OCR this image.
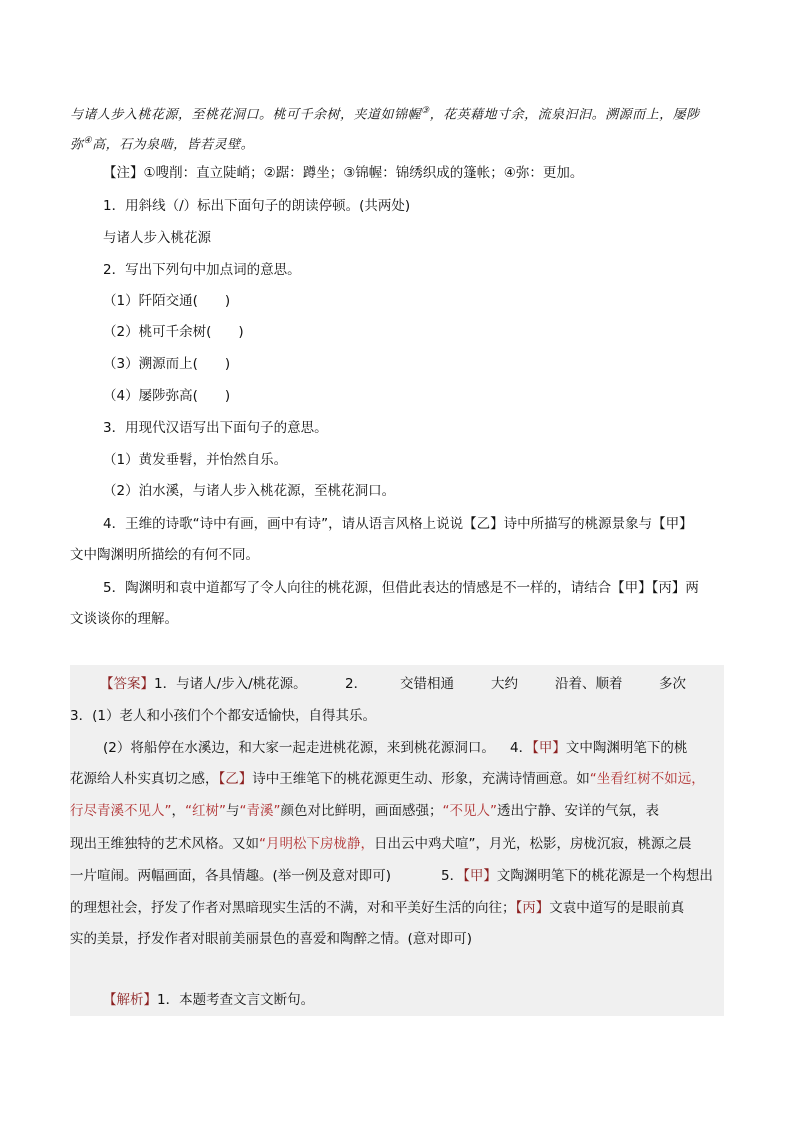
与诸人步入桃花源，至桃花洞口。桃可千余树，夹道如锦幄③，花英藉地寸余，流泉汩汩。溯源而上，屡陟
弥④高，石为泉啮，皆若灵壁。
【注】①嗖削：直立陡峭；②踞：蹲坐；③锦幄：锦绣织成的篷帐；④弥：更加。
1．用斜线（/）标出下面句子的朗读停顿。(共两处)
与诸人步入桃花源
2．写出下列句中加点词的意思。
（1）阡陌交通(　　)
（2）桃可千余树(　　)
（3）溯源而上(　　)
（4）屡陟弥高(　　)
3．用现代汉语写出下面句子的意思。
（1）黄发垂髫，并怡然自乐。
（2）泊水溪，与诸人步入桃花源，至桃花洞口。
4．王维的诗歌“诗中有画，画中有诗”，请从语言风格上说说【乙】诗中所描写的桃源景象与【甲】
文中陶渊明所描绘的有何不同。
5．陶渊明和袁中道都写了令人向往的桃花源，但借此表达的情感是不一样的，请结合【甲】【丙】两
文谈谈你的理解。
【答案】1．与诸人/步入/桃花源。	2． 交错相通	大约	沿着、顺着	多次
3．(1）老人和小孩们个个都安适愉快，自得其乐。
(2）将船停在水溪边，和大家一起走进桃花源，来到桃花源洞口。 4．【甲】文中陶渊明笔下的桃
花源给人朴实真切之感，【乙】诗中王维笔下的桃花源更生动、形象，充满诗情画意。如“坐看红树不如远，
行尽青溪不见人”，“红树”与“青溪”颜色对比鲜明，画面感强；“不见人”透出宁静、安详的气氛，表
现出王维独特的艺术风格。又如“月明松下房栊静，日出云中鸡犬喧”，月光，松影，房栊沉寂，桃源之晨
一片喧闹。两幅画面，各具情趣。(举一例及意对即可)	5．【甲】文陶渊明笔下的桃花源是一个构想出
的理想社会，抒发了作者对黑暗现实生活的不满，对和平美好生活的向往；【丙】文袁中道写的是眼前真
实的美景，抒发作者对眼前美丽景色的喜爱和陶醉之情。(意对即可)
【解析】1．本题考查文言文断句。
